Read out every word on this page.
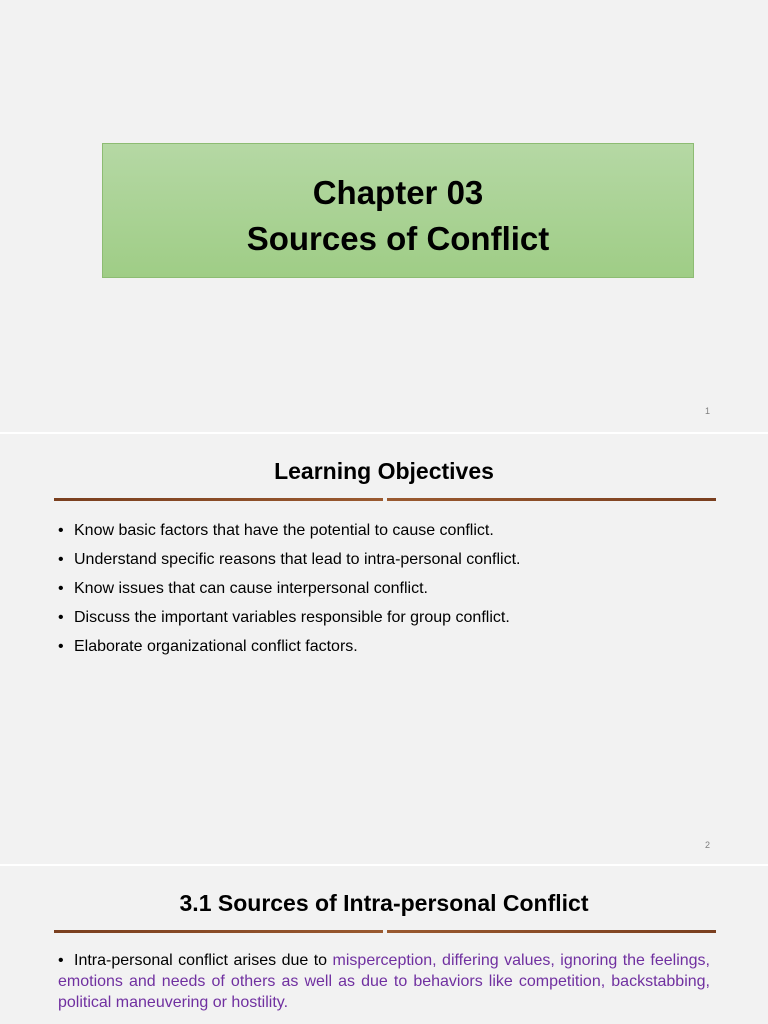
Chapter 03
Sources of Conflict
1
Learning Objectives
• Know basic factors that have the potential to cause conflict.
• Understand specific reasons that lead to intra-personal conflict.
• Know issues that can cause interpersonal conflict.
• Discuss the important variables responsible for group conflict.
• Elaborate organizational conflict factors.
2
3.1 Sources of Intra-personal Conflict
• Intra-personal conflict arises due to misperception, differing values, ignoring the feelings, emotions and needs of others as well as due to behaviors like competition, backstabbing, political maneuvering or hostility.
